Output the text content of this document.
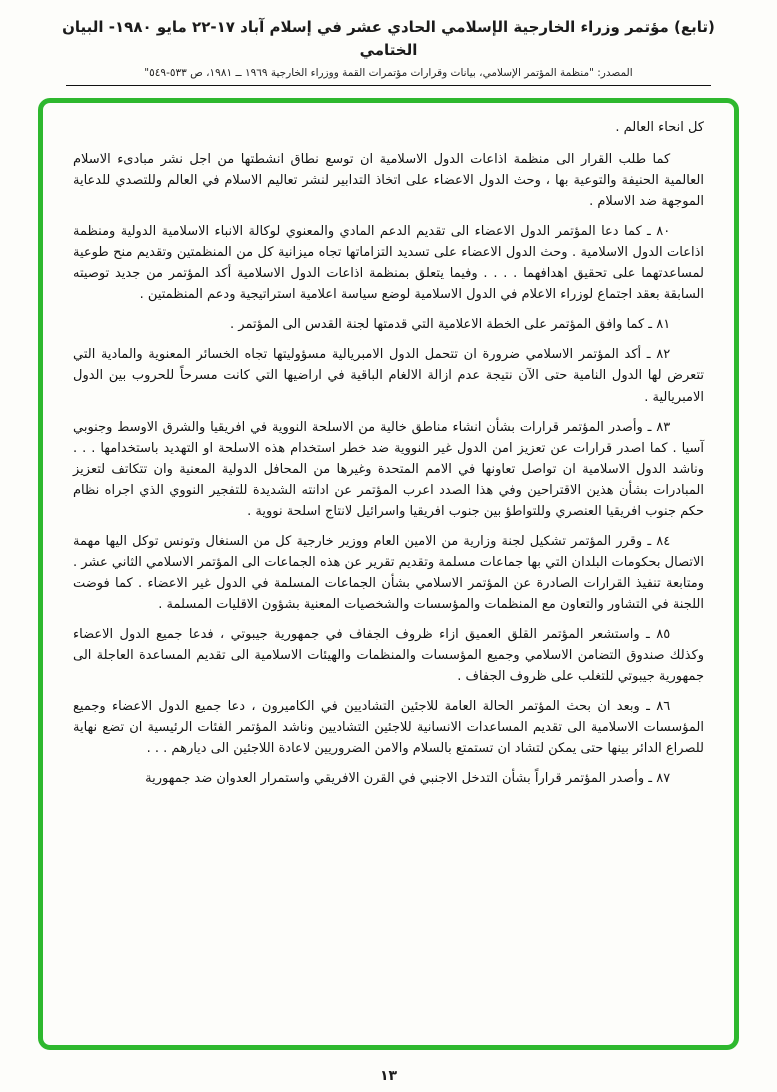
(تابع) مؤتمر وزراء الخارجية الإسلامي الحادي عشر في إسلام آباد ١٧-٢٢ مايو ١٩٨٠- البيان الختامي
المصدر: "منظمة المؤتمر الإسلامي، بيانات وقرارات مؤتمرات القمة ووزراء الخارجية ١٩٦٩ ــ ١٩٨١، ص ٥٣٣-٥٤٩"

كل انحاء العالم .

كما طلب القرار الى منظمة اذاعات الدول الاسلامية ان توسع نطاق انشطتها من اجل نشر مبادىء الاسلام العالمية الحنيفة والتوعية بها ، وحث الدول الاعضاء على اتخاذ التدابير لنشر تعاليم الاسلام في العالم وللتصدي للدعاية الموجهة ضد الاسلام .

٨٠ ـ كما دعا المؤتمر الدول الاعضاء الى تقديم الدعم المادي والمعنوي لوكالة الانباء الاسلامية الدولية ومنظمة اذاعات الدول الاسلامية . وحث الدول الاعضاء على تسديد التزاماتها تجاه ميزانية كل من المنظمتين وتقديم منح طوعية لمساعدتهما على تحقيق اهدافهما . . . . وفيما يتعلق بمنظمة اذاعات الدول الاسلامية أكد المؤتمر من جديد توصيته السابقة بعقد اجتماع لوزراء الاعلام في الدول الاسلامية لوضع سياسة اعلامية استراتيجية ودعم المنظمتين .

٨١ ـ كما وافق المؤتمر على الخطة الاعلامية التي قدمتها لجنة القدس الى المؤتمر .

٨٢ ـ أكد المؤتمر الاسلامي ضرورة ان تتحمل الدول الامبريالية مسؤوليتها تجاه الخسائر المعنوية والمادية التي تتعرض لها الدول النامية حتى الآن نتيجة عدم ازالة الالغام الباقية في اراضيها التي كانت مسرحاً للحروب بين الدول الامبريالية .

٨٣ ـ وأصدر المؤتمر قرارات بشأن انشاء مناطق خالية من الاسلحة النووية في افريقيا والشرق الاوسط وجنوبي آسيا . كما اصدر قرارات عن تعزيز امن الدول غير النووية ضد خطر استخدام هذه الاسلحة او التهديد باستخدامها . . . وناشد الدول الاسلامية ان تواصل تعاونها في الامم المتحدة وغيرها من المحافل الدولية المعنية وان تتكاتف لتعزيز المبادرات بشأن هذين الاقتراحين وفي هذا الصدد اعرب المؤتمر عن ادانته الشديدة للتفجير النووي الذي اجراه نظام حكم جنوب افريقيا العنصري وللتواطؤ بين جنوب افريقيا واسرائيل لانتاج اسلحة نووية .

٨٤ ـ وقرر المؤتمر تشكيل لجنة وزارية من الامين العام ووزير خارجية كل من السنغال وتونس توكل اليها مهمة الاتصال بحكومات البلدان التي بها جماعات مسلمة وتقديم تقرير عن هذه الجماعات الى المؤتمر الاسلامي الثاني عشر . ومتابعة تنفيذ القرارات الصادرة عن المؤتمر الاسلامي بشأن الجماعات المسلمة في الدول غير الاعضاء . كما فوضت اللجنة في التشاور والتعاون مع المنظمات والمؤسسات والشخصيات المعنية بشؤون الاقليات المسلمة .

٨٥ ـ واستشعر المؤتمر القلق العميق ازاء ظروف الجفاف في جمهورية جيبوتي ، فدعا جميع الدول الاعضاء وكذلك صندوق التضامن الاسلامي وجميع المؤسسات والمنظمات والهيئات الاسلامية الى تقديم المساعدة العاجلة الى جمهورية جيبوتي للتغلب على ظروف الجفاف .

٨٦ ـ وبعد ان بحث المؤتمر الحالة العامة للاجئين التشاديين في الكاميرون ، دعا جميع الدول الاعضاء وجميع المؤسسات الاسلامية الى تقديم المساعدات الانسانية للاجئين التشاديين وناشد المؤتمر الفئات الرئيسية ان تضع نهاية للصراع الدائر بينها حتى يمكن لتشاد ان تستمتع بالسلام والامن الضروريين لاعادة اللاجئين الى ديارهم . . .

٨٧ ـ وأصدر المؤتمر قراراً بشأن التدخل الاجنبي في القرن الافريقي واستمرار العدوان ضد جمهورية

١٣
